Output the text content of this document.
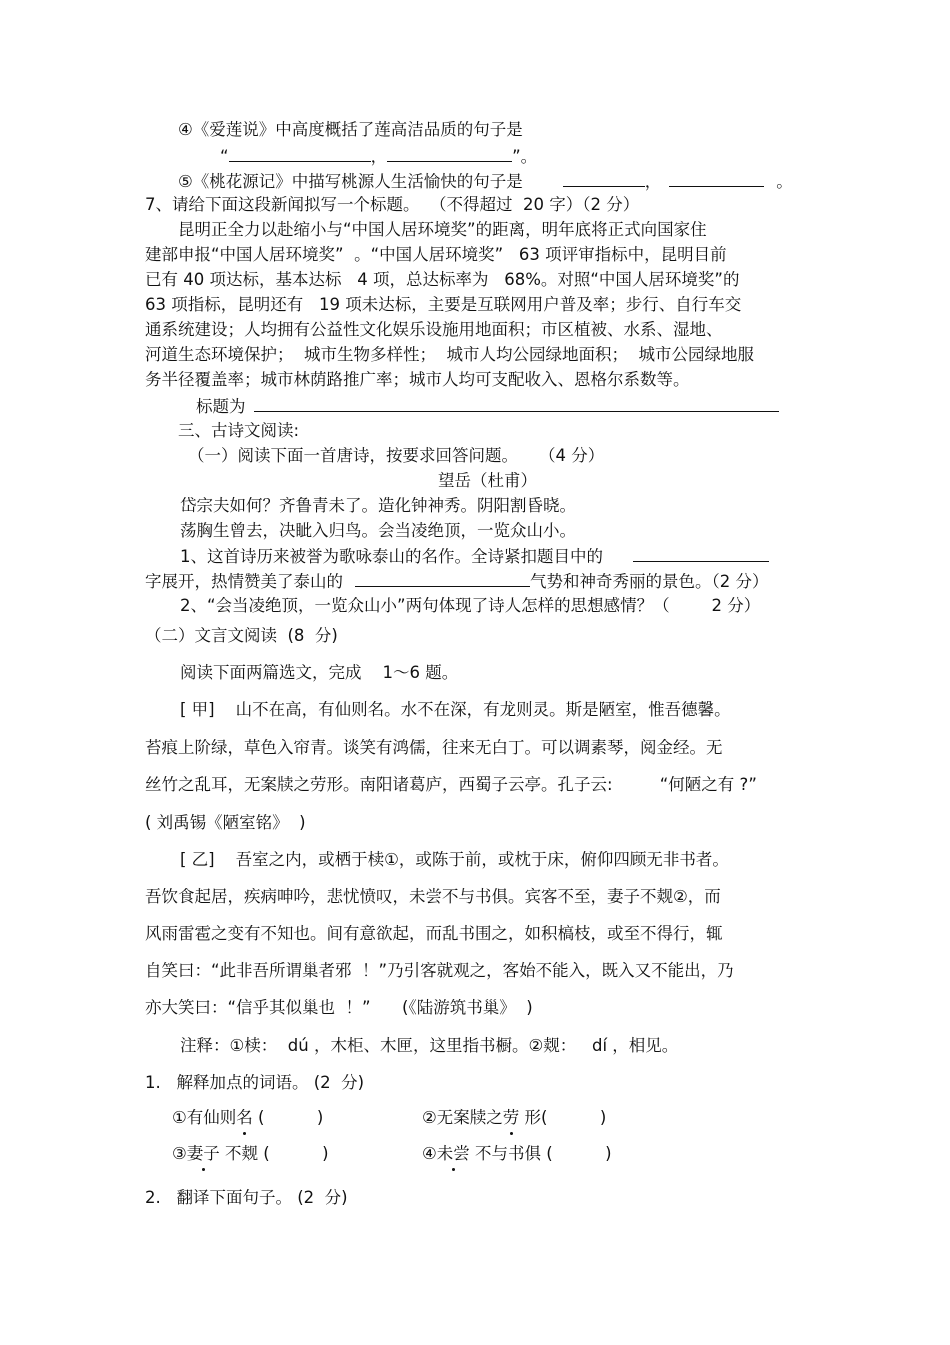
④《爱莲说》中高度概括了莲高洁品质的句子是
“	，	”。
⑤《桃花源记》中描写桃源人生活愉快的句子是	，	。
7、请给下面这段新闻拟写一个标题。  （不得超过  20 字）（2 分）
昆明正全力以赴缩小与“中国人居环境奖”的距离，明年底将正式向国家住
建部申报“中国人居环境奖”  。“中国人居环境奖”   63 项评审指标中，昆明目前
已有 40 项达标，基本达标   4 项，总达标率为   68%。对照“中国人居环境奖”的
63 项指标，昆明还有   19 项未达标，主要是互联网用户普及率；步行、自行车交
通系统建设；人均拥有公益性文化娱乐设施用地面积；市区植被、水系、湿地、
河道生态环境保护；  城市生物多样性；  城市人均公园绿地面积；  城市公园绿地服
务半径覆盖率；城市林荫路推广率；城市人均可支配收入、恩格尔系数等。
标题为
三、古诗文阅读:
（一）阅读下面一首唐诗，按要求回答问题。    （4 分）
望岳（杜甫）
岱宗夫如何？齐鲁青未了。造化钟神秀。阴阳割昏晓。
荡胸生曾去，决眦入归鸟。会当凌绝顶，一览众山小。
1、这首诗历来被誉为歌咏泰山的名作。全诗紧扣题目中的
字展开，热情赞美了泰山的	气势和神奇秀丽的景色。（2 分）
2、“会当凌绝顶，一览众山小”两句体现了诗人怎样的思想感情？（        2 分）
（二）文言文阅读  (8  分)
阅读下面两篇选文，完成    1～6 题。
[ 甲]    山不在高，有仙则名。水不在深，有龙则灵。斯是陋室，惟吾德馨。
苔痕上阶绿，草色入帘青。谈笑有鸿儒，往来无白丁。可以调素琴，阅金经。无
丝竹之乱耳，无案牍之劳形。南阳诸葛庐，西蜀子云亭。孔子云:         “何陋之有 ?”
( 刘禹锡《陋室铭》  )
[ 乙]    吾室之内，或栖于椟①，或陈于前，或枕于床，俯仰四顾无非书者。
吾饮食起居，疾病呻吟，悲忧愤叹，未尝不与书俱。宾客不至，妻子不觌②，而
风雨雷雹之变有不知也。间有意欲起，而乱书围之，如积槁枝，或至不得行，辄
自笑曰：“此非吾所谓巢者邪  ！”乃引客就观之，客始不能入，既入又不能出，乃
亦大笑曰：“信乎其似巢也  ！”      (《陆游筑书巢》  )
注释：①椟：  dú ，木柜、木匣，这里指书橱。②觌：   dí ，相见。
1.   解释加点的词语。 (2  分)
①有仙则名 (          )	②无案牍之劳 形(          )
③妻子 不觌 (          )	④未尝 不与书俱 (          )
2.   翻译下面句子。 (2  分)
